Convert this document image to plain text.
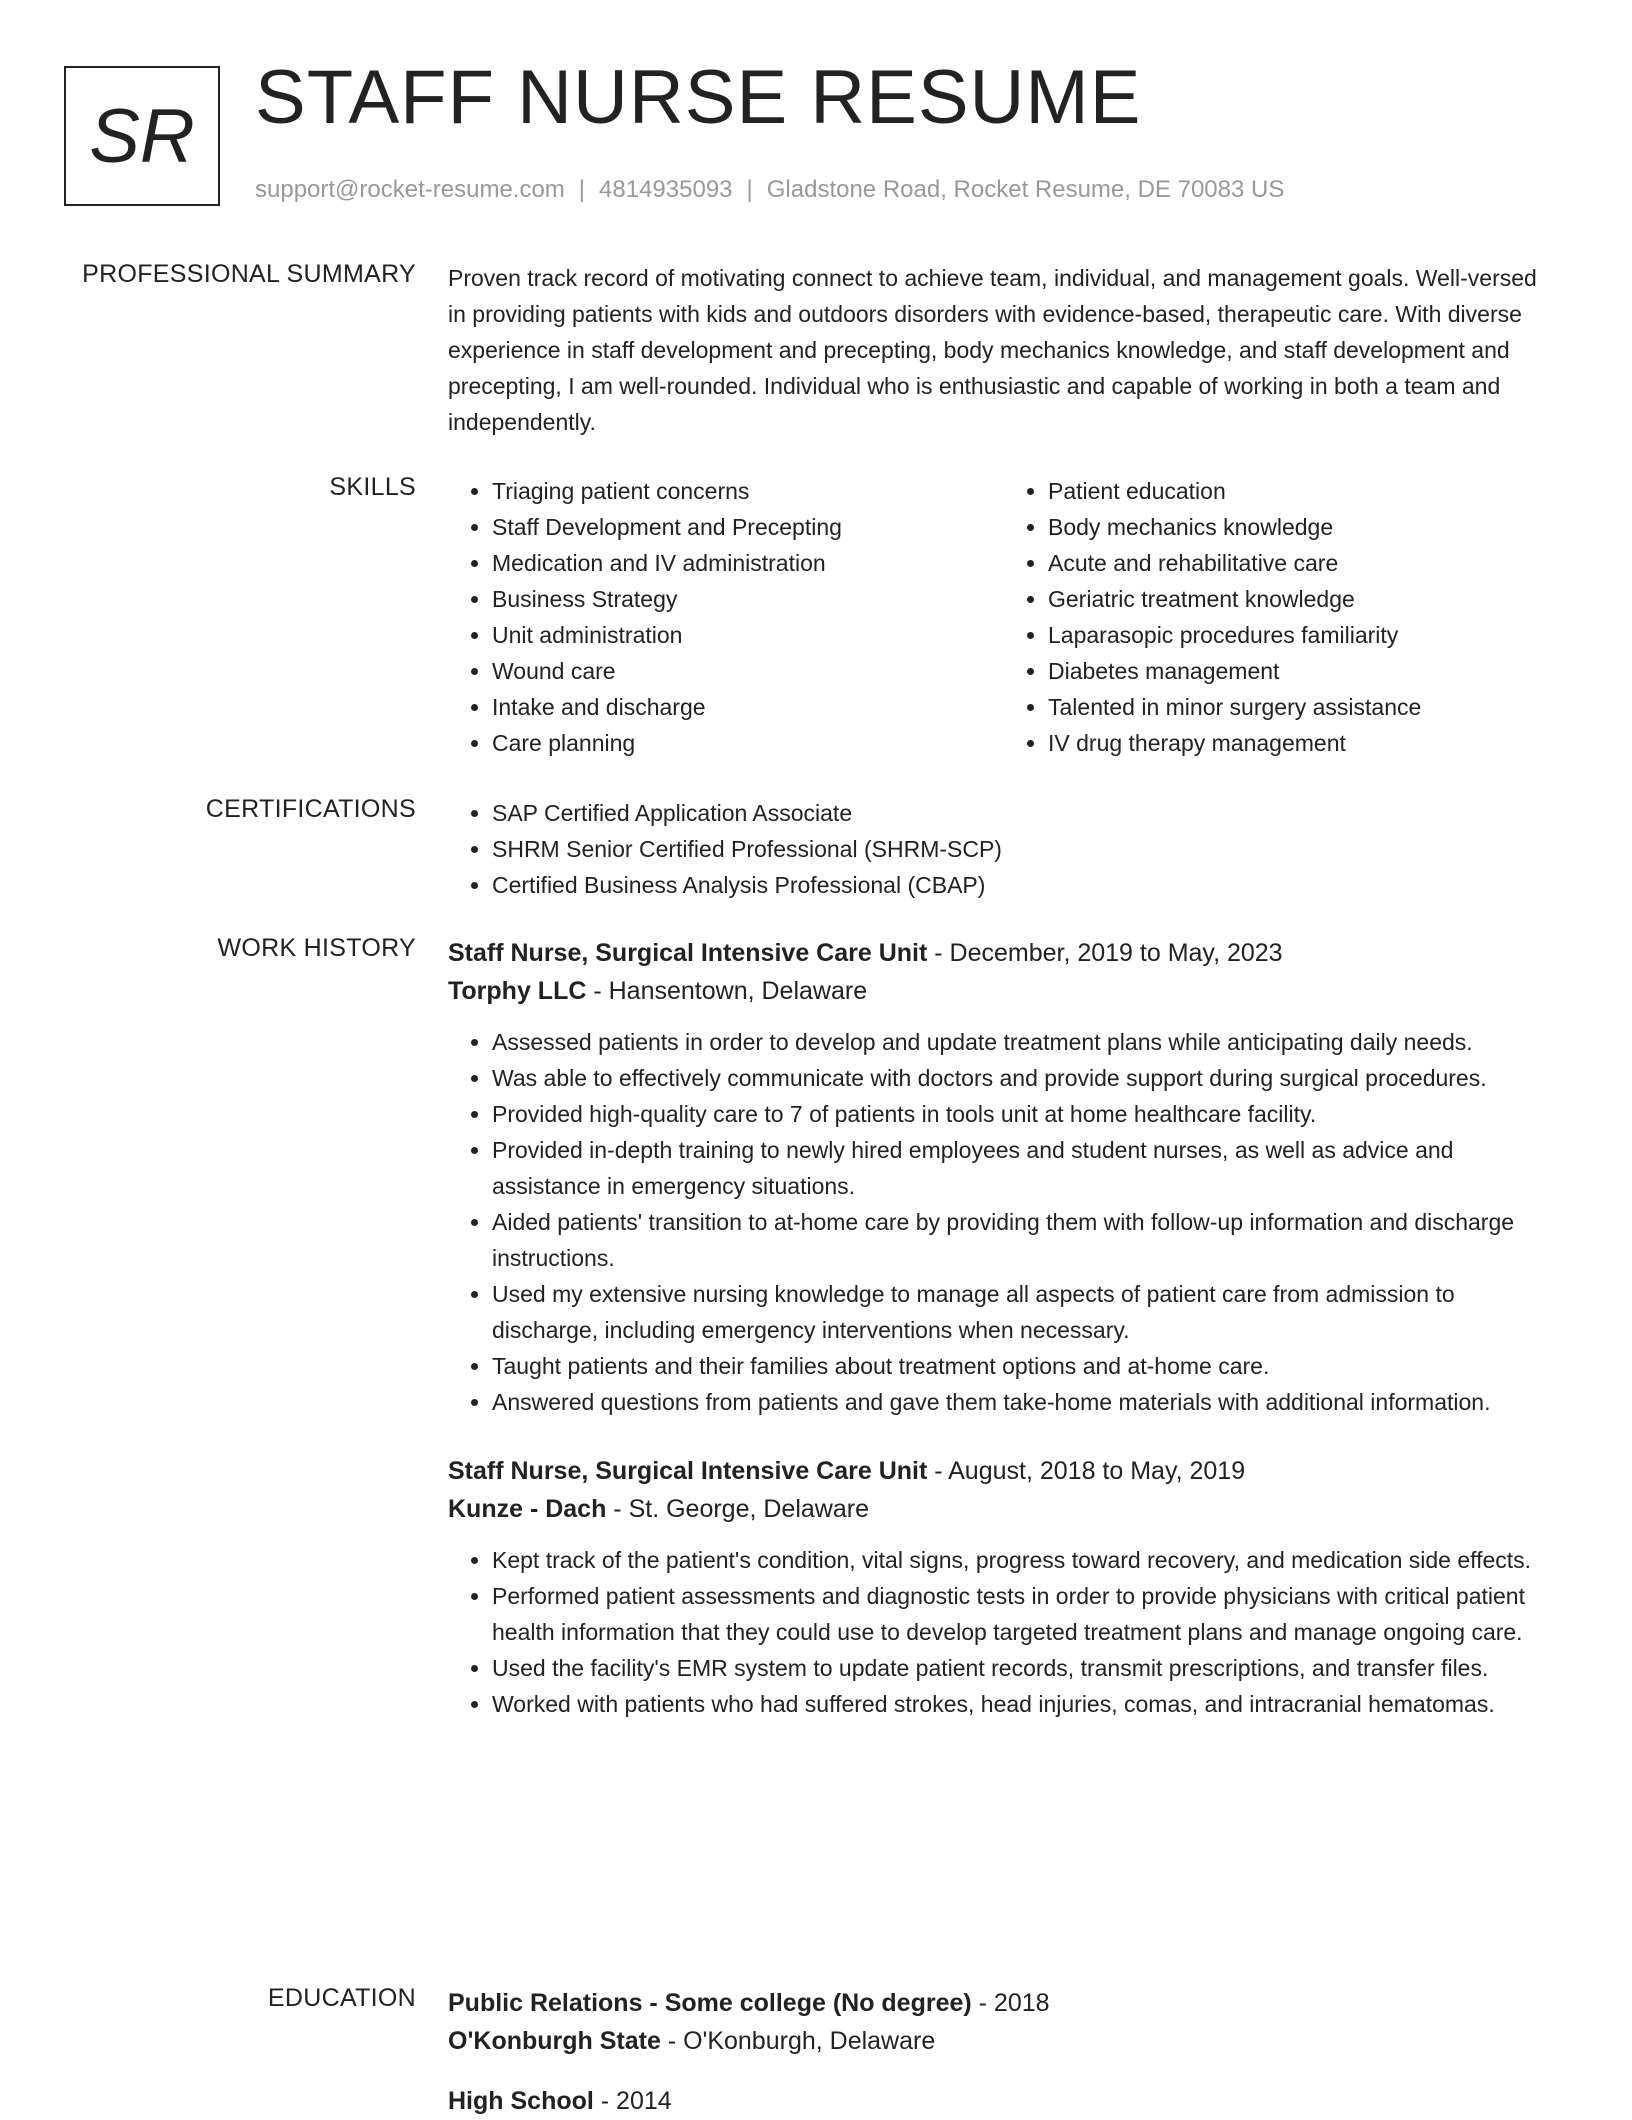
SR STAFF NURSE RESUME
support@rocket-resume.com | 4814935093 | Gladstone Road, Rocket Resume, DE 70083 US
PROFESSIONAL SUMMARY Proven track record of motivating connect to achieve team, individual, and management goals. Well-versed in providing patients with kids and outdoors disorders with evidence-based, therapeutic care. With diverse experience in staff development and precepting, body mechanics knowledge, and staff development and precepting, I am well-rounded. Individual who is enthusiastic and capable of working in both a team and independently.

SKILLS	• Triaging patient concerns
• Staff Development and Precepting
• Medication and IV administration
• Business Strategy
• Unit administration
• Wound care
• Intake and discharge
• Care planning
• Patient education
• Body mechanics knowledge
• Acute and rehabilitative care
• Geriatric treatment knowledge
• Laparasopic procedures familiarity
• Diabetes management
• Talented in minor surgery assistance
• IV drug therapy management
CERTIFICATIONS	• SAP Certified Application Associate
• SHRM Senior Certified Professional (SHRM-SCP)
• Certified Business Analysis Professional (CBAP)
WORK HISTORY Staff Nurse, Surgical Intensive Care Unit - December, 2019 to May, 2023
Torphy LLC - Hansentown, Delaware
• Assessed patients in order to develop and update treatment plans while anticipating daily needs.
• Was able to effectively communicate with doctors and provide support during surgical procedures.
• Provided high-quality care to 7 of patients in tools unit at home healthcare facility.
• Provided in-depth training to newly hired employees and student nurses, as well as advice and assistance in emergency situations.
• Aided patients' transition to at-home care by providing them with follow-up information and discharge instructions.
• Used my extensive nursing knowledge to manage all aspects of patient care from admission to discharge, including emergency interventions when necessary.
• Taught patients and their families about treatment options and at-home care.
• Answered questions from patients and gave them take-home materials with additional information.
Staff Nurse, Surgical Intensive Care Unit - August, 2018 to May, 2019
Kunze - Dach - St. George, Delaware
• Kept track of the patient's condition, vital signs, progress toward recovery, and medication side effects.
• Performed patient assessments and diagnostic tests in order to provide physicians with critical patient health information that they could use to develop targeted treatment plans and manage ongoing care.
• Used the facility's EMR system to update patient records, transmit prescriptions, and transfer files.
• Worked with patients who had suffered strokes, head injuries, comas, and intracranial hematomas.
EDUCATION Public Relations - Some college (No degree) - 2018
O'Konburgh State - O'Konburgh, Delaware
High School - 2014
